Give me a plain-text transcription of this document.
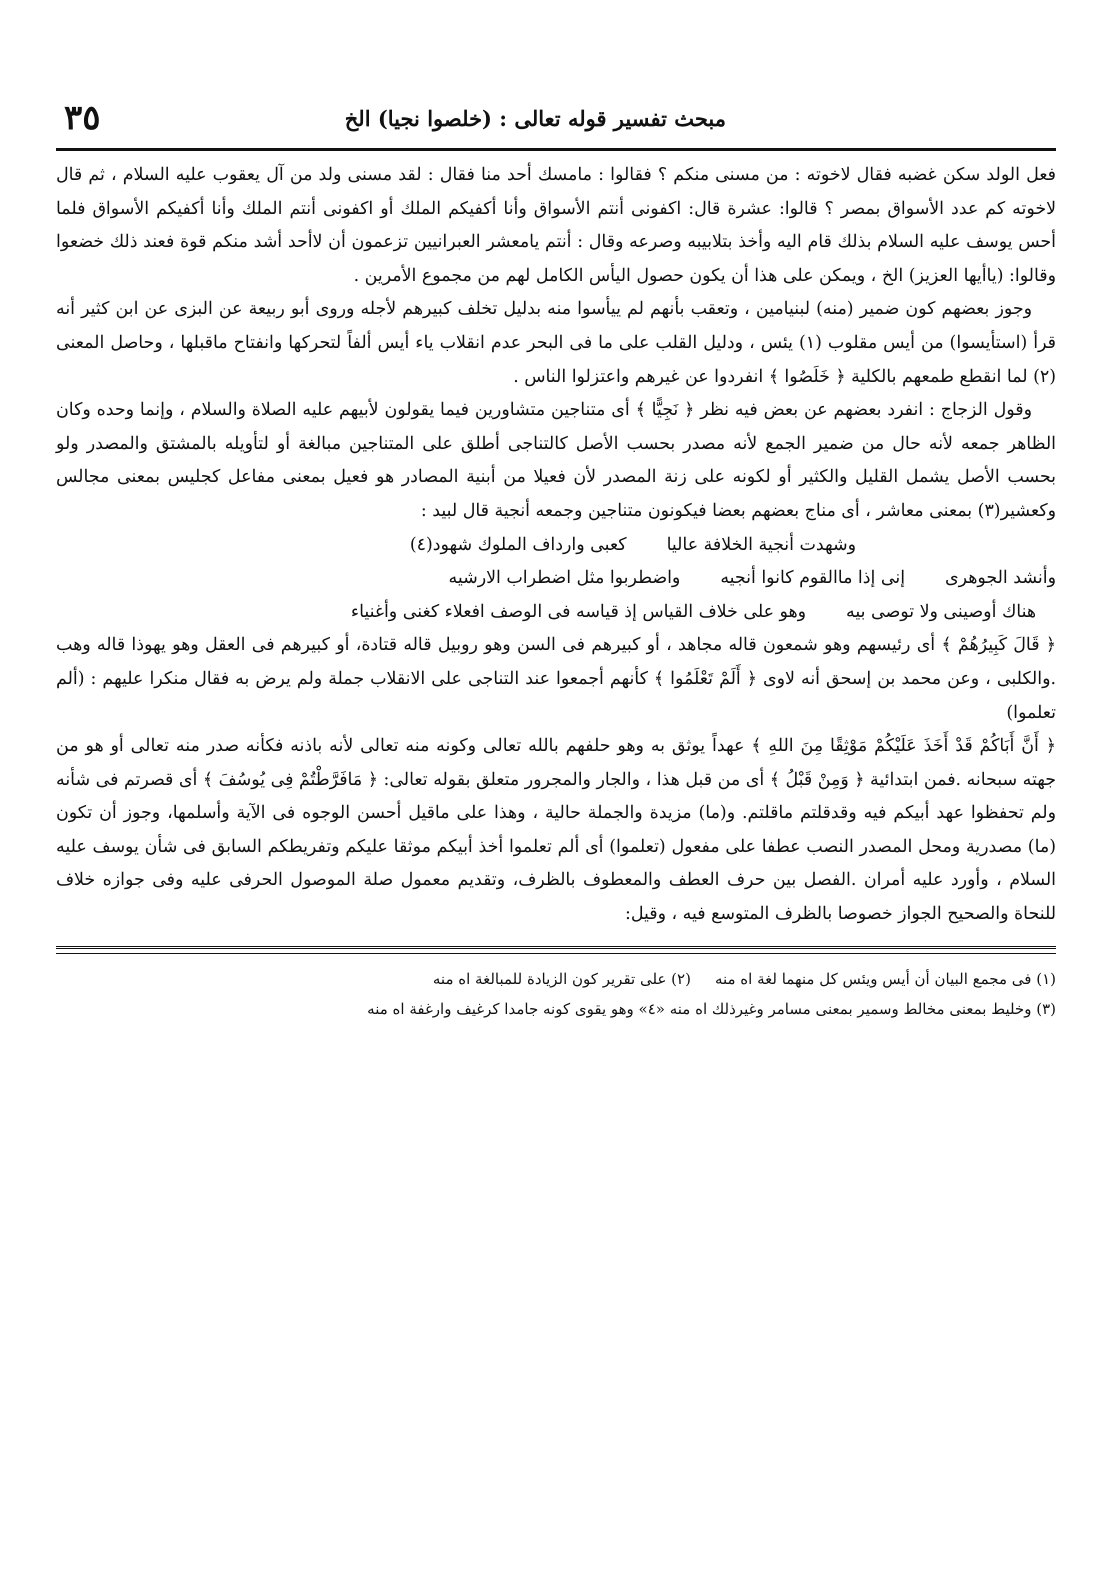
مبحث تفسير قوله تعالى : (خلصوا نجيا) الخ
٣٥

فعل الولد سكن غضبه فقال لاخوته : من مسنى منكم ؟ فقالوا : مامسك أحد منا فقال : لقد مسنى ولد من آل يعقوب عليه السلام ، ثم قال لاخوته كم عدد الأسواق بمصر ؟ قالوا: عشرة قال: اكفونى أنتم الأسواق وأنا أكفيكم الملك أو اكفونى أنتم الملك وأنا أكفيكم الأسواق فلما أحس يوسف عليه السلام بذلك قام اليه وأخذ بتلابيبه وصرعه وقال : أنتم يامعشر العبرانيين تزعمون أن لاأحد أشد منكم قوة فعند ذلك خضعوا وقالوا: (ياأيها العزيز) الخ ، ويمكن على هذا أن يكون حصول اليأس الكامل لهم من مجموع الأمرين .

وجوز بعضهم كون ضمير (منه) لبنيامين ، وتعقب بأنهم لم ييأسوا منه بدليل تخلف كبيرهم لأجله وروى أبو ربيعة عن البزى عن ابن كثير أنه قرأ (استأيسوا) من أيس مقلوب (١) يئس ، ودليل القلب على ما فى البحر عدم انقلاب ياء أيس ألفاً لتحركها وانفتاح ماقبلها ، وحاصل المعنى (٢) لما انقطع طمعهم بالكلية ﴿ خَلَصُوا ﴾ انفردوا عن غيرهم واعتزلوا الناس .

وقول الزجاج : انفرد بعضهم عن بعض فيه نظر ﴿ نَجِيًّا ﴾ أى متناجين متشاورين فيما يقولون لأبيهم عليه الصلاة والسلام ، وإنما وحده وكان الظاهر جمعه لأنه حال من ضمير الجمع لأنه مصدر بحسب الأصل كالتناجى أطلق على المتناجين مبالغة أو لتأويله بالمشتق والمصدر ولو بحسب الأصل يشمل القليل والكثير أو لكونه على زنة المصدر لأن فعيلا من أبنية المصادر هو فعيل بمعنى مفاعل كجليس بمعنى مجالس وكعشير(٣) بمعنى معاشر ، أى مناج بعضهم بعضا فيكونون متناجين وجمعه أنجية قال لبيد :

وشهدت أنجية الخلافة عالياكعبى وارداف الملوك شهود(٤)
وأنشد الجوهرىإنى إذا ماالقوم كانوا أنجيهواضطربوا مثل اضطراب الارشيه
هناك أوصينى ولا توصى بيهوهو على خلاف القياس إذ قياسه فى الوصف افعلاء كغنى وأغنياء

﴿ قَالَ كَبِيرُهُمْ ﴾ أى رئيسهم وهو شمعون قاله مجاهد ، أو كبيرهم فى السن وهو روبيل قاله قتادة، أو كبيرهم فى العقل وهو يهوذا قاله وهب .والكلبى ، وعن محمد بن إسحق أنه لاوى ﴿ أَلَمْ تَعْلَمُوا ﴾ كأنهم أجمعوا عند التناجى على الانقلاب جملة ولم يرض به فقال منكرا عليهم : (ألم تعلموا)

﴿ أَنَّ أَبَاكُمْ قَدْ أَخَذَ عَلَيْكُمْ مَوْثِقًا مِنَ اللهِ ﴾ عهداً يوثق به وهو حلفهم بالله تعالى وكونه منه تعالى لأنه باذنه فكأنه صدر منه تعالى أو هو من جهته سبحانه .فمن ابتدائية ﴿ وَمِنْ قَبْلُ ﴾ أى من قبل هذا ، والجار والمجرور متعلق بقوله تعالى: ﴿ مَافَرَّطْتُمْ فِى يُوسُفَ ﴾ أى قصرتم فى شأنه ولم تحفظوا عهد أبيكم فيه وقدقلتم ماقلتم. و(ما) مزيدة والجملة حالية ، وهذا على ماقيل أحسن الوجوه فى الآية وأسلمها، وجوز أن تكون (ما) مصدرية ومحل المصدر النصب عطفا على مفعول (تعلموا) أى ألم تعلموا أخذ أبيكم موثقا عليكم وتفريطكم السابق فى شأن يوسف عليه السلام ، وأورد عليه أمران .الفصل بين حرف العطف والمعطوف بالظرف، وتقديم معمول صلة الموصول الحرفى عليه وفى جوازه خلاف للنحاة والصحيح الجواز خصوصا بالظرف المتوسع فيه ، وقيل:

(١) فى مجمع البيان أن أيس ويئس كل منهما لغة اه منه(٢) على تقرير كون الزيادة للمبالغة اه منه

(٣) وخليط بمعنى مخالط وسمير بمعنى مسامر وغيرذلك اه منه «٤» وهو يقوى كونه جامدا كرغيف وارغفة اه منه
